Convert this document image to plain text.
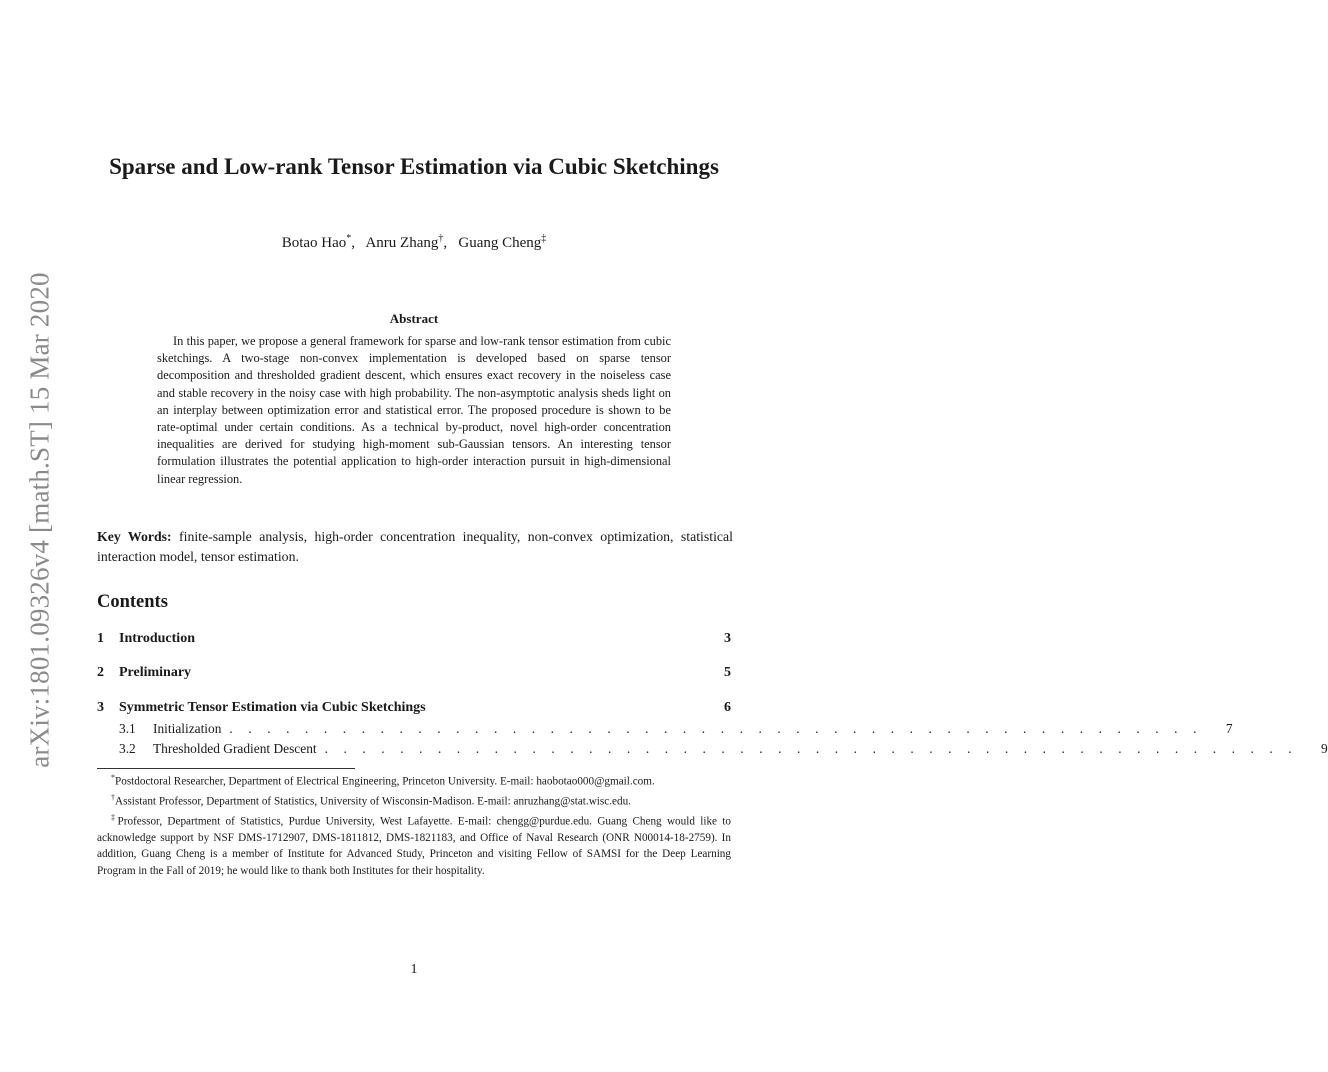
arXiv:1801.09326v4 [math.ST] 15 Mar 2020
Sparse and Low-rank Tensor Estimation via Cubic Sketchings
Botao Hao*,   Anru Zhang†,   Guang Cheng‡
Abstract

In this paper, we propose a general framework for sparse and low-rank tensor estimation from cubic sketchings. A two-stage non-convex implementation is developed based on sparse tensor decomposition and thresholded gradient descent, which ensures exact recovery in the noiseless case and stable recovery in the noisy case with high probability. The non-asymptotic analysis sheds light on an interplay between optimization error and statistical error. The proposed procedure is shown to be rate-optimal under certain conditions. As a technical by-product, novel high-order concentration inequalities are derived for studying high-moment sub-Gaussian tensors. An interesting tensor formulation illustrates the potential application to high-order interaction pursuit in high-dimensional linear regression.

Key Words: finite-sample analysis, high-order concentration inequality, non-convex optimization, statistical interaction model, tensor estimation.

Contents
1	Introduction	3
2	Preliminary	5
3	Symmetric Tensor Estimation via Cubic Sketchings	6
3.1	Initialization . . . . . . . . . . . . . . . . . . . . . . . . . . . . . . . . . . . . . . . . . . . . . . . . . . . .	7
3.2	Thresholded Gradient Descent . . . . . . . . . . . . . . . . . . . . . . . . . . . . . . . . . . . . . . . . . . . . . . . . . . . .	9

*Postdoctoral Researcher, Department of Electrical Engineering, Princeton University. E-mail: haobotao000@gmail.com.

†Assistant Professor, Department of Statistics, University of Wisconsin-Madison. E-mail: anruzhang@stat.wisc.edu.

‡Professor, Department of Statistics, Purdue University, West Lafayette. E-mail: chengg@purdue.edu. Guang Cheng would like to acknowledge support by NSF DMS-1712907, DMS-1811812, DMS-1821183, and Office of Naval Research (ONR N00014-18-2759). In addition, Guang Cheng is a member of Institute for Advanced Study, Princeton and visiting Fellow of SAMSI for the Deep Learning Program in the Fall of 2019; he would like to thank both Institutes for their hospitality.

1
